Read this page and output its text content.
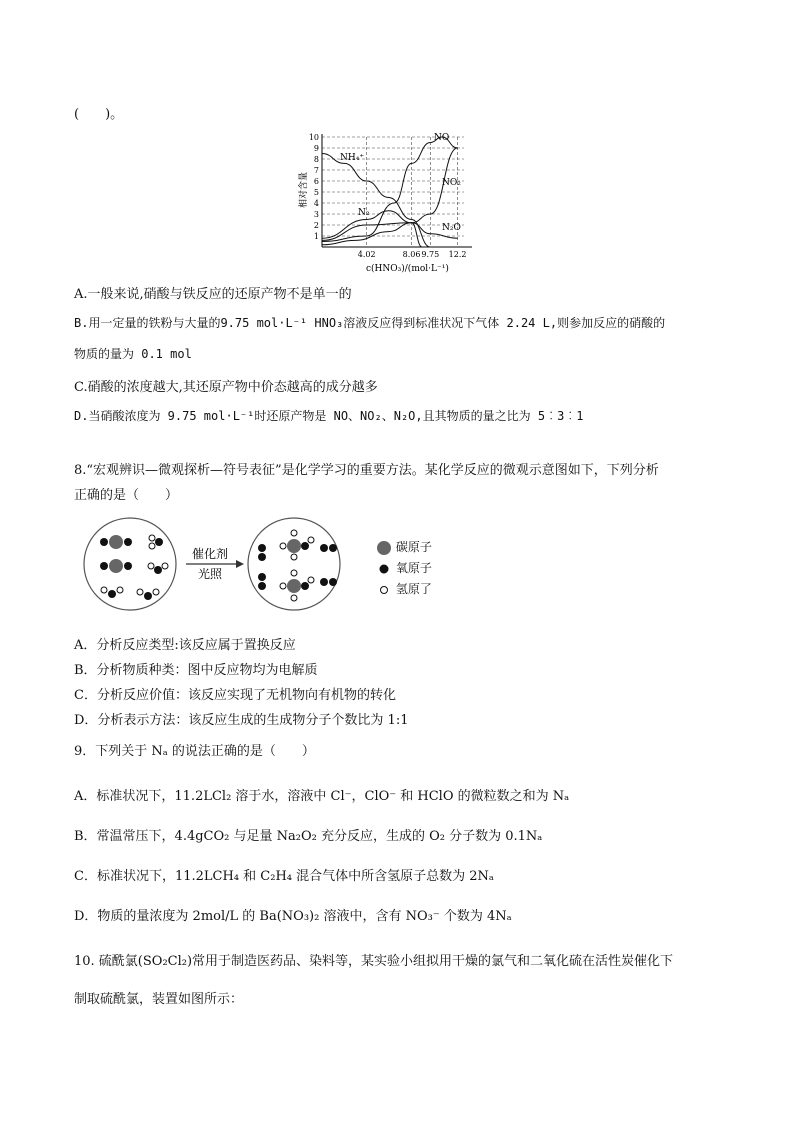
(　　)。
1
2
3
4
5
6
7
8
9
10
4.02	8.06 9.75 12.2
NO
NO₂
NH₄⁺
N₂
N₂O
相对含量
c(HNO₃)/(mol·L⁻¹)
A.一般来说,硝酸与铁反应的还原产物不是单一的
B.用一定量的铁粉与大量的9.75 mol·L⁻¹ HNO₃溶液反应得到标准状况下气体 2.24 L,则参加反应的硝酸的
物质的量为 0.1 mol
C.硝酸的浓度越大,其还原产物中价态越高的成分越多
D.当硝酸浓度为 9.75 mol·L⁻¹时还原产物是 NO、NO₂、N₂O,且其物质的量之比为 5︰3︰1
8.“宏观辨识—微观探析—符号表征”是化学学习的重要方法。某化学反应的微观示意图如下，下列分析
正确的是（　　）
催化剂
光照
碳原子
氧原子
氢原了
A．分析反应类型:该反应属于置换反应
B．分析物质种类：图中反应物均为电解质
C．分析反应价值：该反应实现了无机物向有机物的转化
D．分析表示方法：该反应生成的生成物分子个数比为 1:1
9．下列关于 Nₐ 的说法正确的是（　　）
A．标准状况下，11.2LCl₂ 溶于水，溶液中 Cl⁻，ClO⁻ 和 HClO 的微粒数之和为 Nₐ
B．常温常压下，4.4gCO₂ 与足量 Na₂O₂ 充分反应，生成的 O₂ 分子数为 0.1Nₐ
C．标准状况下，11.2LCH₄ 和 C₂H₄ 混合气体中所含氢原子总数为 2Nₐ
D．物质的量浓度为 2mol/L 的 Ba(NO₃)₂ 溶液中，含有 NO₃⁻ 个数为 4Nₐ
10. 硫酰氯(SO₂Cl₂)常用于制造医药品、染料等，某实验小组拟用干燥的氯气和二氧化硫在活性炭催化下
制取硫酰氯，装置如图所示：
